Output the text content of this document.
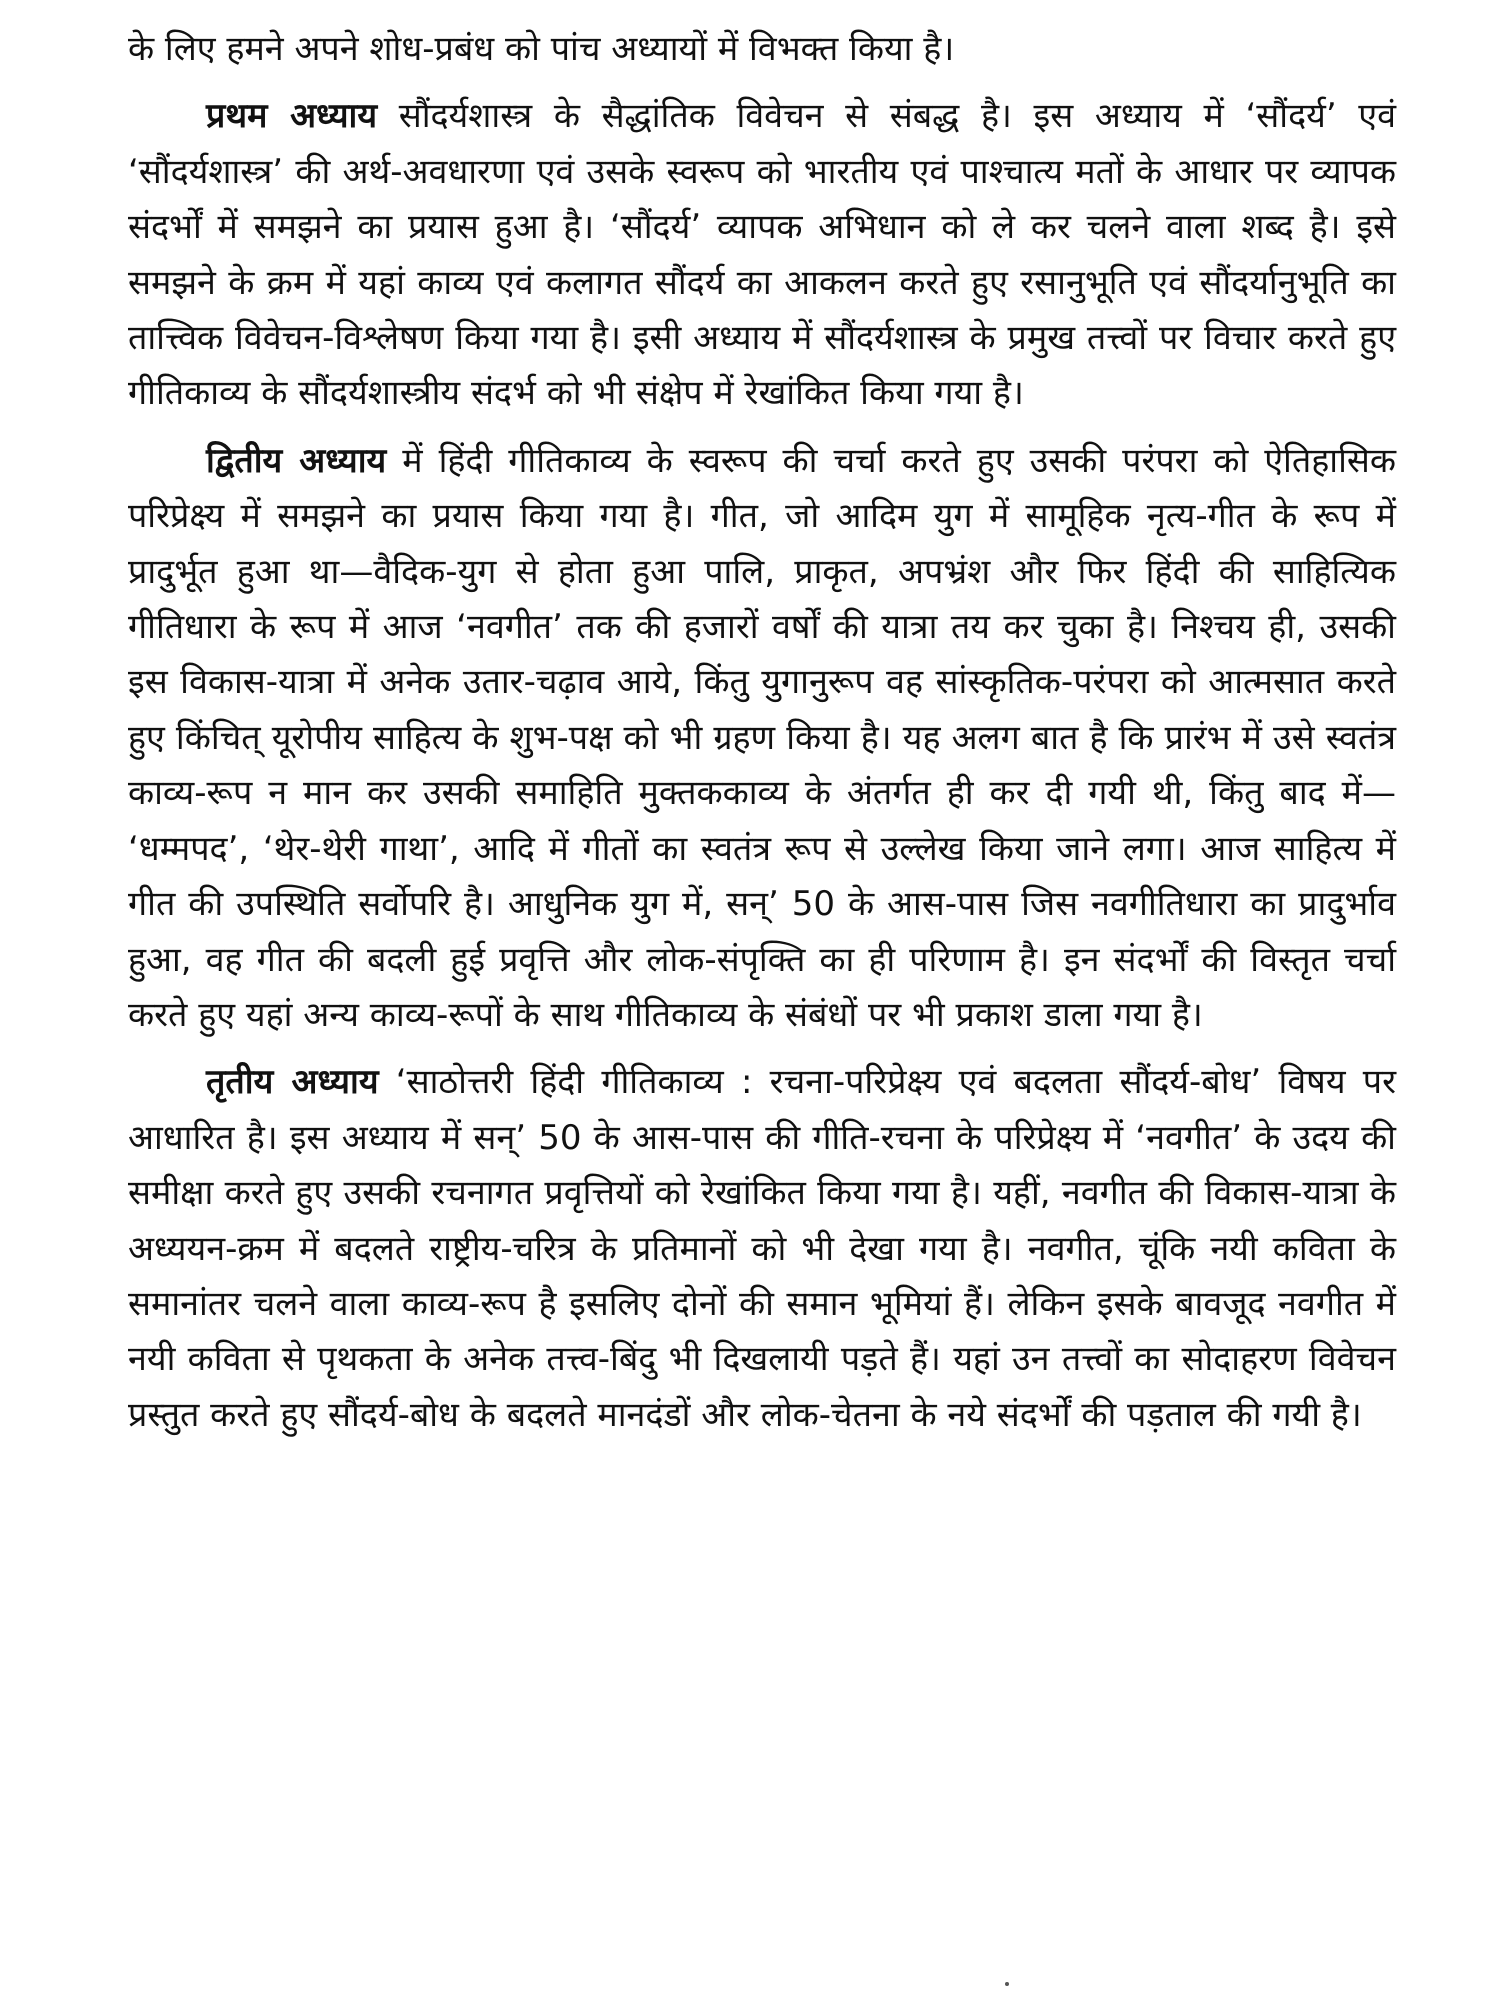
के लिए हमने अपने शोध-प्रबंध को पांच अध्यायों में विभक्त किया है।

प्रथम अध्याय सौंदर्यशास्त्र के सैद्धांतिक विवेचन से संबद्ध है। इस अध्याय में ‘सौंदर्य’ एवं ‘सौंदर्यशास्त्र’ की अर्थ-अवधारणा एवं उसके स्वरूप को भारतीय एवं पाश्चात्य मतों के आधार पर व्यापक संदर्भों में समझने का प्रयास हुआ है। ‘सौंदर्य’ व्यापक अभिधान को ले कर चलने वाला शब्द है। इसे समझने के क्रम में यहां काव्य एवं कलागत सौंदर्य का आकलन करते हुए रसानुभूति एवं सौंदर्यानुभूति का तात्त्विक विवेचन-विश्लेषण किया गया है। इसी अध्याय में सौंदर्यशास्त्र के प्रमुख तत्त्वों पर विचार करते हुए गीतिकाव्य के सौंदर्यशास्त्रीय संदर्भ को भी संक्षेप में रेखांकित किया गया है।

द्वितीय अध्याय में हिंदी गीतिकाव्य के स्वरूप की चर्चा करते हुए उसकी परंपरा को ऐतिहासिक परिप्रेक्ष्य में समझने का प्रयास किया गया है। गीत, जो आदिम युग में सामूहिक नृत्य-गीत के रूप में प्रादुर्भूत हुआ था—वैदिक-युग से होता हुआ पालि, प्राकृत, अपभ्रंश और फिर हिंदी की साहित्यिक गीतिधारा के रूप में आज ‘नवगीत’ तक की हजारों वर्षों की यात्रा तय कर चुका है। निश्चय ही, उसकी इस विकास-यात्रा में अनेक उतार-चढ़ाव आये, किंतु युगानुरूप वह सांस्कृतिक-परंपरा को आत्मसात करते हुए किंचित् यूरोपीय साहित्य के शुभ-पक्ष को भी ग्रहण किया है। यह अलग बात है कि प्रारंभ में उसे स्वतंत्र काव्य-रूप न मान कर उसकी समाहिति मुक्तककाव्य के अंतर्गत ही कर दी गयी थी, किंतु बाद में— ‘धम्मपद’, ‘थेर-थेरी गाथा’, आदि में गीतों का स्वतंत्र रूप से उल्लेख किया जाने लगा। आज साहित्य में गीत की उपस्थिति सर्वोपरि है। आधुनिक युग में, सन्’ 50 के आस-पास जिस नवगीतिधारा का प्रादुर्भाव हुआ, वह गीत की बदली हुई प्रवृत्ति और लोक-संपृक्ति का ही परिणाम है। इन संदर्भों की विस्तृत चर्चा करते हुए यहां अन्य काव्य-रूपों के साथ गीतिकाव्य के संबंधों पर भी प्रकाश डाला गया है।

तृतीय अध्याय ‘साठोत्तरी हिंदी गीतिकाव्य : रचना-परिप्रेक्ष्य एवं बदलता सौंदर्य-बोध’ विषय पर आधारित है। इस अध्याय में सन्’ 50 के आस-पास की गीति-रचना के परिप्रेक्ष्य में ‘नवगीत’ के उदय की समीक्षा करते हुए उसकी रचनागत प्रवृत्तियों को रेखांकित किया गया है। यहीं, नवगीत की विकास-यात्रा के अध्ययन-क्रम में बदलते राष्ट्रीय-चरित्र के प्रतिमानों को भी देखा गया है। नवगीत, चूंकि नयी कविता के समानांतर चलने वाला काव्य-रूप है इसलिए दोनों की समान भूमियां हैं। लेकिन इसके बावजूद नवगीत में नयी कविता से पृथकता के अनेक तत्त्व-बिंदु भी दिखलायी पड़ते हैं। यहां उन तत्त्वों का सोदाहरण विवेचन प्रस्तुत करते हुए सौंदर्य-बोध के बदलते मानदंडों और लोक-चेतना के नये संदर्भों की पड़ताल की गयी है।
